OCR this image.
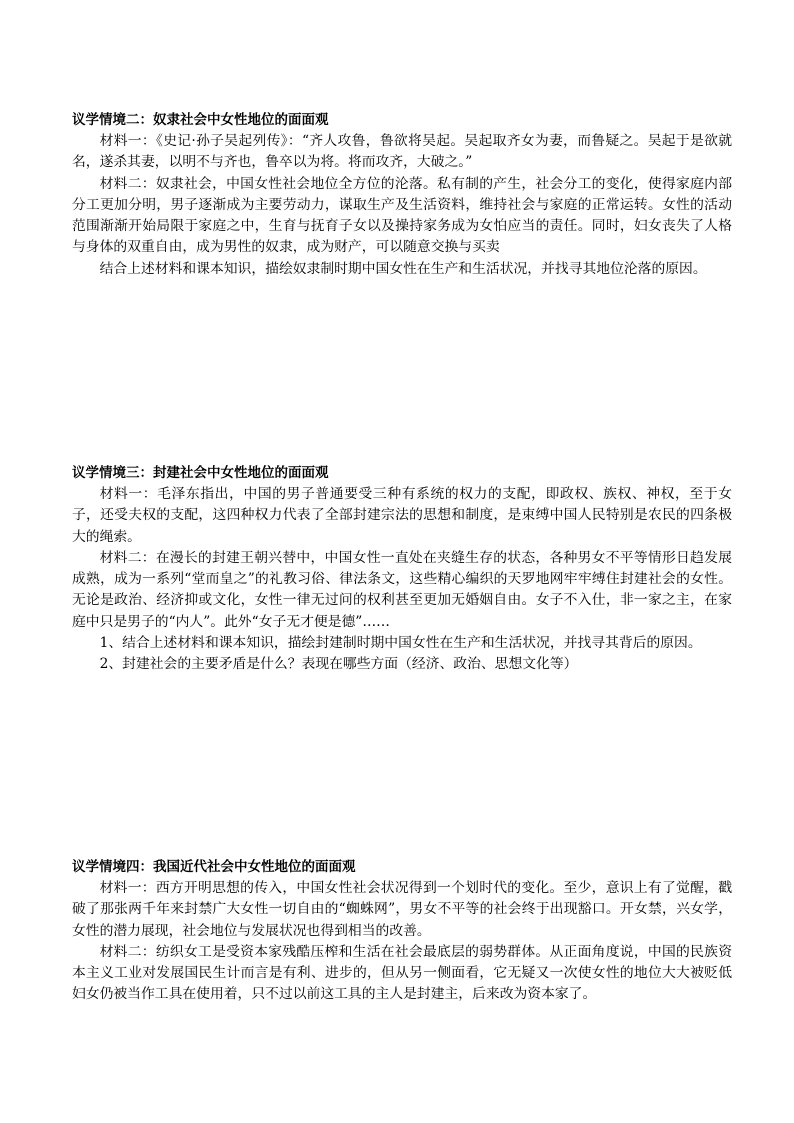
议学情境二：奴隶社会中女性地位的面面观

材料一：《史记·孙子吴起列传》：“齐人攻鲁，鲁欲将吴起。吴起取齐女为妻，而鲁疑之。吴起于是欲就名，遂杀其妻，以明不与齐也，鲁卒以为将。将而攻齐，大破之。”

材料二：奴隶社会，中国女性社会地位全方位的沦落。私有制的产生，社会分工的变化，使得家庭内部分工更加分明，男子逐渐成为主要劳动力，谋取生产及生活资料，维持社会与家庭的正常运转。女性的活动范围渐渐开始局限于家庭之中，生育与抚育子女以及操持家务成为女怕应当的责任。同时，妇女丧失了人格与身体的双重自由，成为男性的奴隶，成为财产，可以随意交换与买卖

结合上述材料和课本知识，描绘奴隶制时期中国女性在生产和生活状况，并找寻其地位沦落的原因。

议学情境三：封建社会中女性地位的面面观

材料一：毛泽东指出，中国的男子普通要受三种有系统的权力的支配，即政权、族权、神权，至于女子，还受夫权的支配，这四种权力代表了全部封建宗法的思想和制度，是束缚中国人民特别是农民的四条极大的绳索。

材料二：在漫长的封建王朝兴替中，中国女性一直处在夹缝生存的状态，各种男女不平等情形日趋发展成熟，成为一系列“堂而皇之”的礼教习俗、律法条文，这些精心编织的天罗地网牢牢缚住封建社会的女性。无论是政治、经济抑或文化，女性一律无过问的权利甚至更加无婚姻自由。女子不入仕，非一家之主，在家庭中只是男子的“内人”。此外“女子无才便是德”……

1、结合上述材料和课本知识，描绘封建制时期中国女性在生产和生活状况，并找寻其背后的原因。

2、封建社会的主要矛盾是什么？表现在哪些方面（经济、政治、思想文化等）

议学情境四：我国近代社会中女性地位的面面观

材料一：西方开明思想的传入，中国女性社会状况得到一个划时代的变化。至少，意识上有了觉醒，戳破了那张两千年来封禁广大女性一切自由的“蜘蛛网”，男女不平等的社会终于出现豁口。开女禁，兴女学，女性的潜力展现，社会地位与发展状况也得到相当的改善。

材料二：纺织女工是受资本家残酷压榨和生活在社会最底层的弱势群体。从正面角度说，中国的民族资本主义工业对发展国民生计而言是有利、进步的，但从另一侧面看，它无疑又一次使女性的地位大大被贬低 妇女仍被当作工具在使用着，只不过以前这工具的主人是封建主，后来改为资本家了。
